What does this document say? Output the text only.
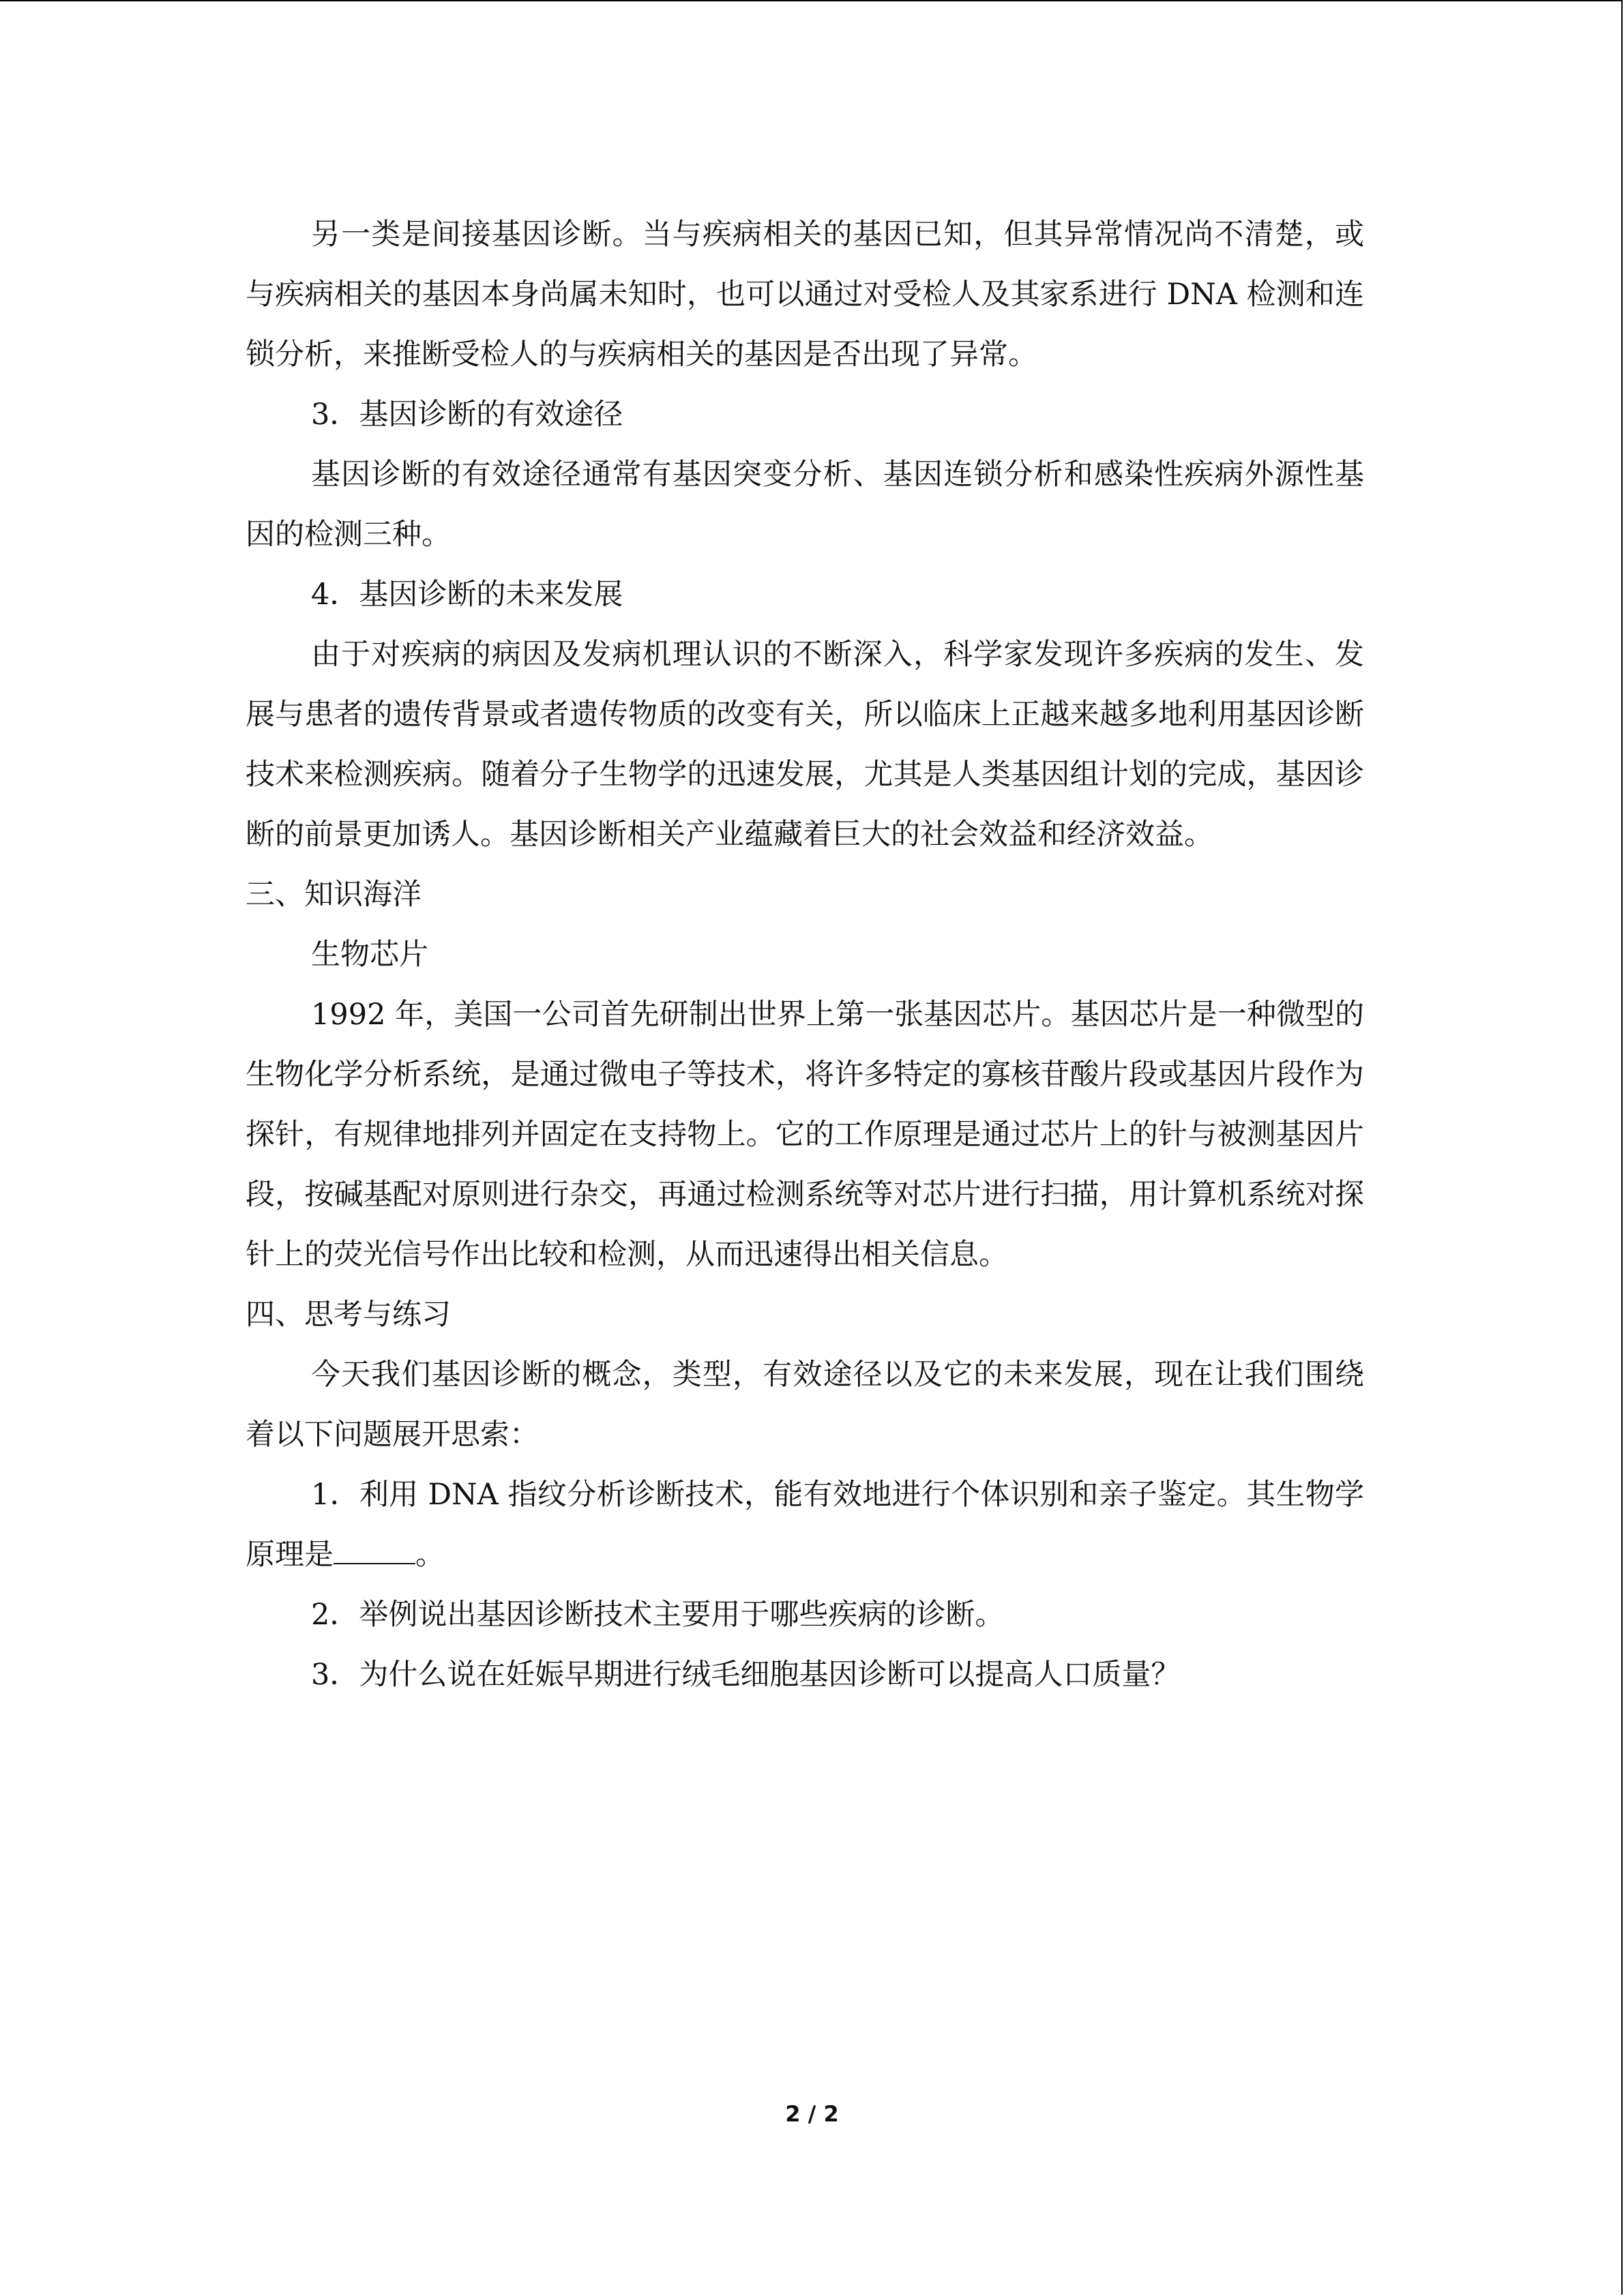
另一类是间接基因诊断。当与疾病相关的基因已知，但其异常情况尚不清楚，或与疾病相关的基因本身尚属未知时，也可以通过对受检人及其家系进行 DNA 检测和连锁分析，来推断受检人的与疾病相关的基因是否出现了异常。

3．基因诊断的有效途径

基因诊断的有效途径通常有基因突变分析、基因连锁分析和感染性疾病外源性基因的检测三种。

4．基因诊断的未来发展

由于对疾病的病因及发病机理认识的不断深入，科学家发现许多疾病的发生、发展与患者的遗传背景或者遗传物质的改变有关，所以临床上正越来越多地利用基因诊断技术来检测疾病。随着分子生物学的迅速发展，尤其是人类基因组计划的完成，基因诊断的前景更加诱人。基因诊断相关产业蕴藏着巨大的社会效益和经济效益。

三、知识海洋

生物芯片

1992 年，美国一公司首先研制出世界上第一张基因芯片。基因芯片是一种微型的生物化学分析系统，是通过微电子等技术，将许多特定的寡核苷酸片段或基因片段作为探针，有规律地排列并固定在支持物上。它的工作原理是通过芯片上的针与被测基因片段，按碱基配对原则进行杂交，再通过检测系统等对芯片进行扫描，用计算机系统对探针上的荧光信号作出比较和检测，从而迅速得出相关信息。

四、思考与练习

今天我们基因诊断的概念，类型，有效途径以及它的未来发展，现在让我们围绕着以下问题展开思索：

1．利用 DNA 指纹分析诊断技术，能有效地进行个体识别和亲子鉴定。其生物学原理是	。

2．举例说出基因诊断技术主要用于哪些疾病的诊断。

3．为什么说在妊娠早期进行绒毛细胞基因诊断可以提高人口质量？

2 / 2
